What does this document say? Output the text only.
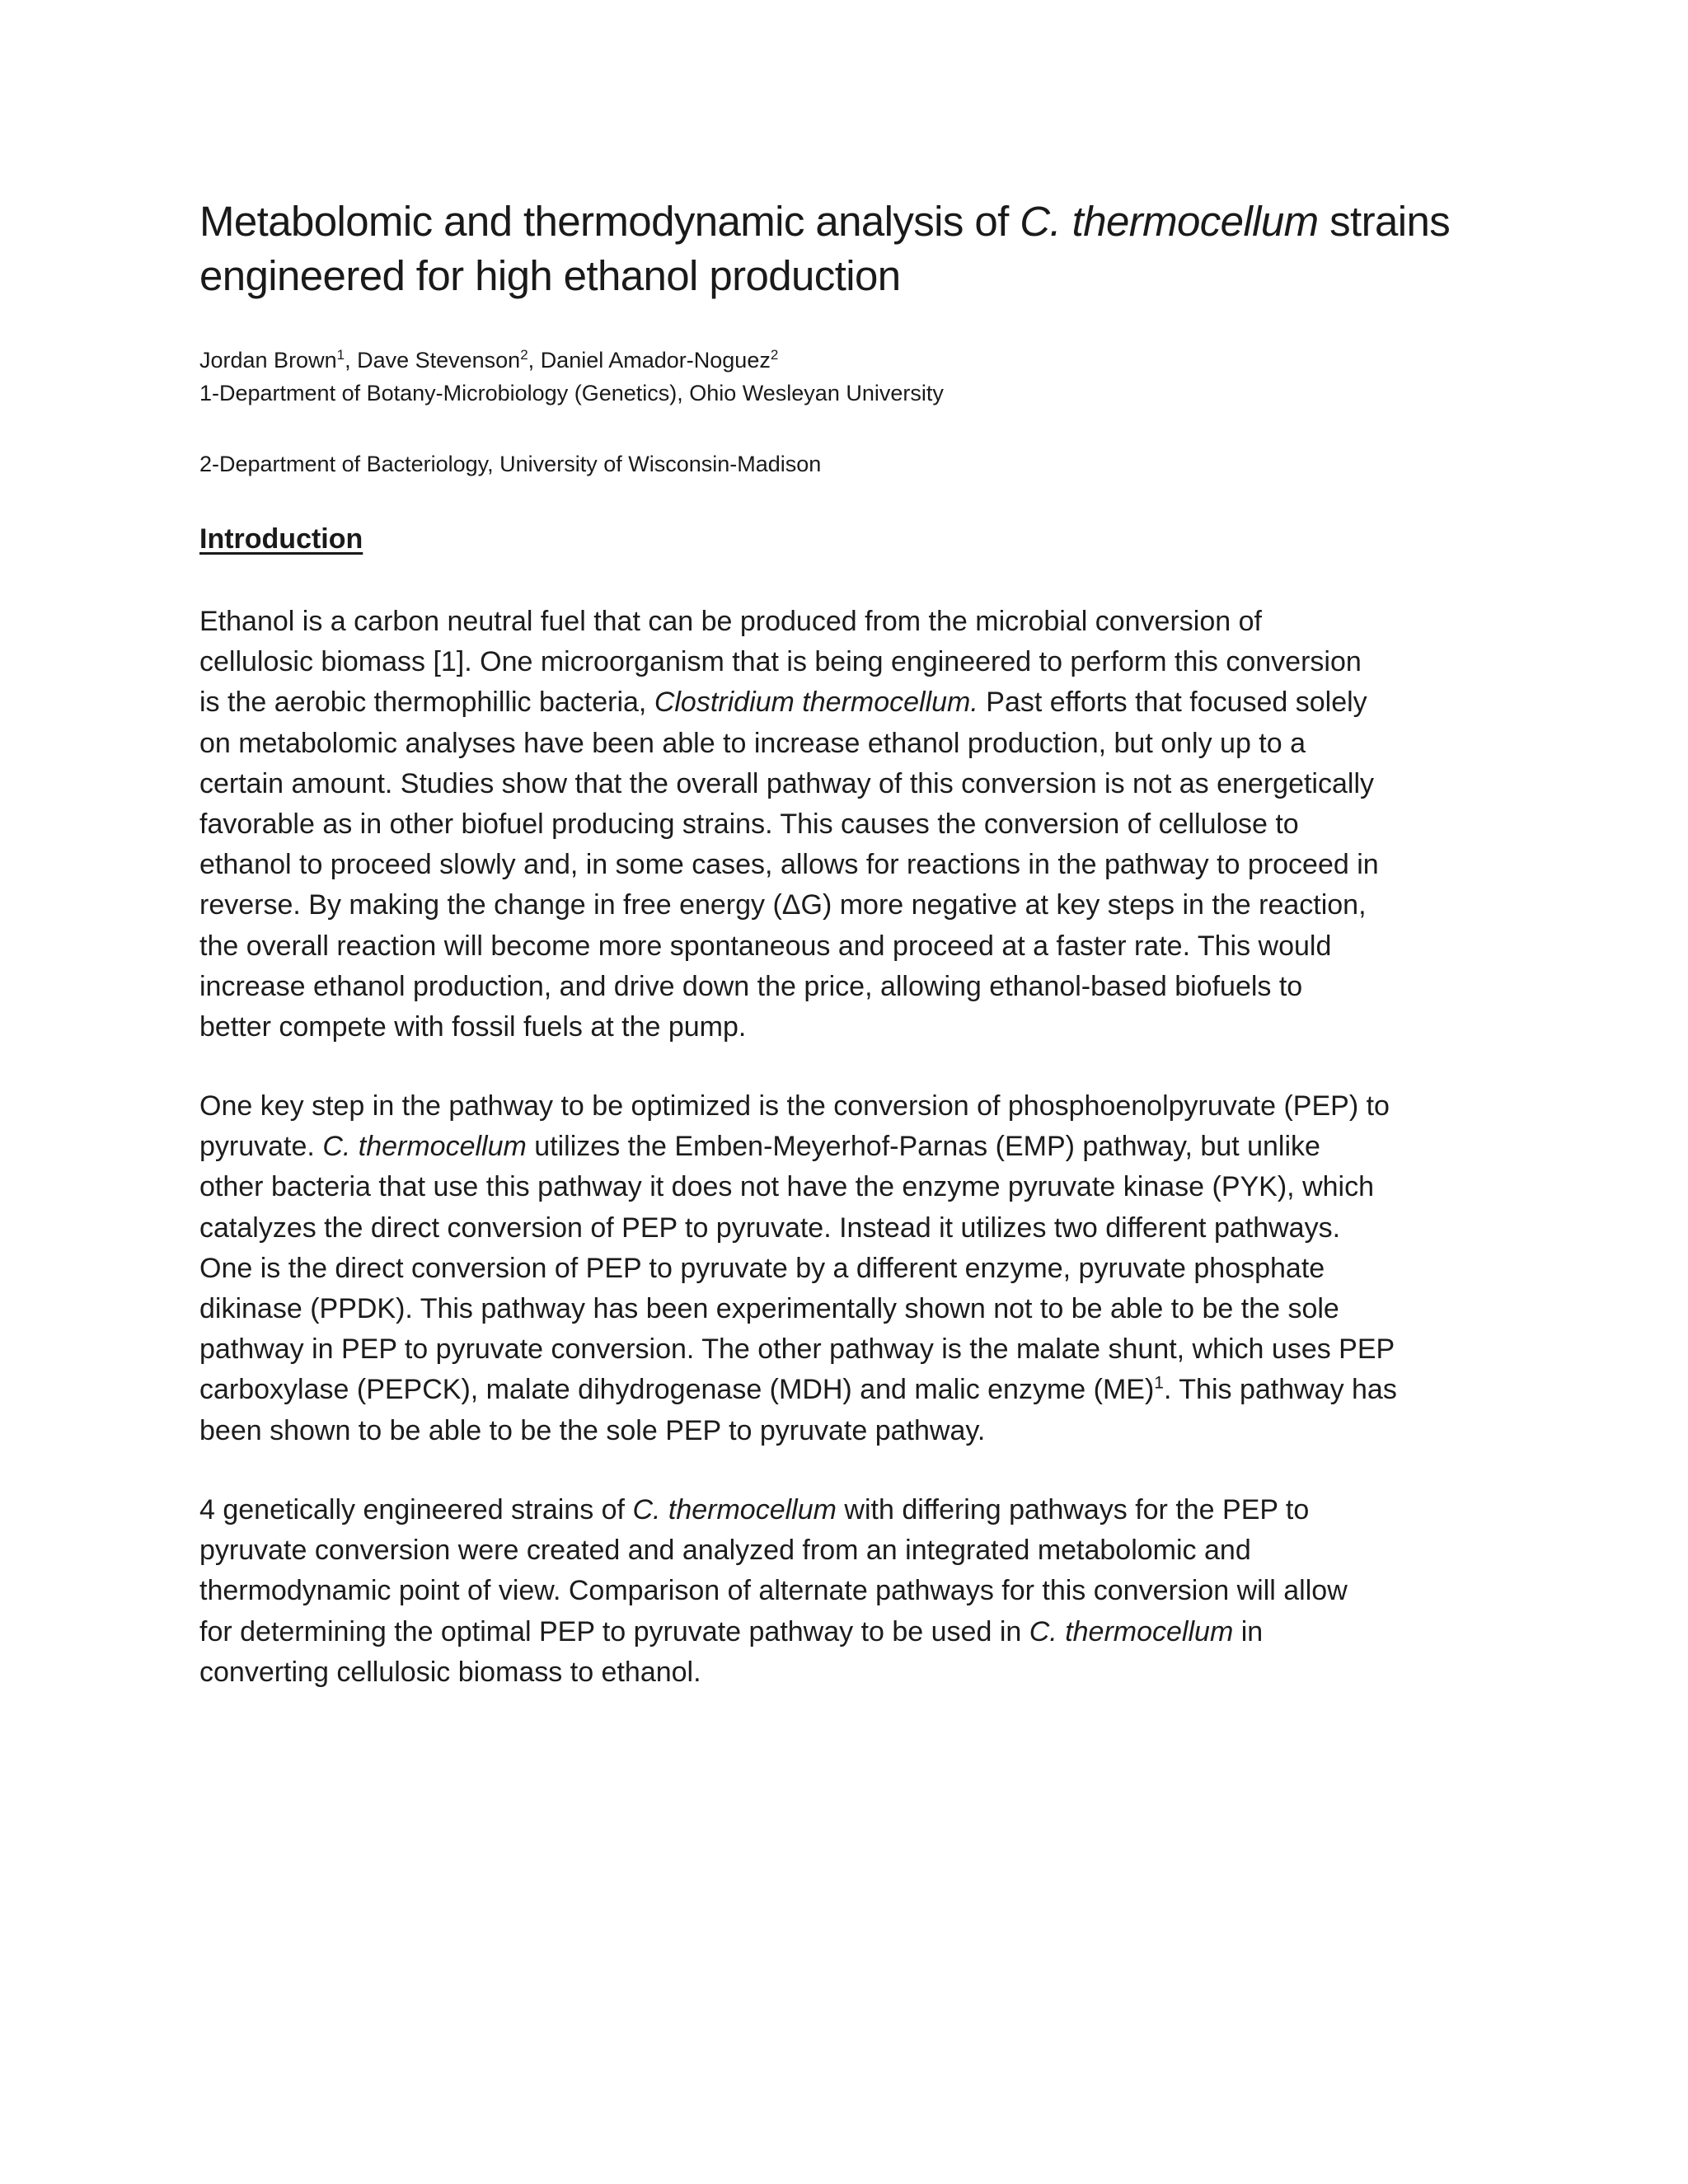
Metabolomic and thermodynamic analysis of C. thermocellum strains
engineered for high ethanol production
Jordan Brown$^1$, Dave Stevenson$^2$, Daniel Amador-Noguez$^2$
1-Department of Botany-Microbiology (Genetics), Ohio Wesleyan University
2-Department of Bacteriology, University of Wisconsin-Madison
Introduction

Ethanol is a carbon neutral fuel that can be produced from the microbial conversion of
cellulosic biomass [1]. One microorganism that is being engineered to perform this conversion
is the aerobic thermophillic bacteria, Clostridium thermocellum. Past efforts that focused solely
on metabolomic analyses have been able to increase ethanol production, but only up to a
certain amount. Studies show that the overall pathway of this conversion is not as energetically
favorable as in other biofuel producing strains. This causes the conversion of cellulose to
ethanol to proceed slowly and, in some cases, allows for reactions in the pathway to proceed in
reverse. By making the change in free energy (ΔG) more negative at key steps in the reaction,
the overall reaction will become more spontaneous and proceed at a faster rate. This would
increase ethanol production, and drive down the price, allowing ethanol-based biofuels to
better compete with fossil fuels at the pump.

One key step in the pathway to be optimized is the conversion of phosphoenolpyruvate (PEP) to
pyruvate. C. thermocellum utilizes the Emben-Meyerhof-Parnas (EMP) pathway, but unlike
other bacteria that use this pathway it does not have the enzyme pyruvate kinase (PYK), which
catalyzes the direct conversion of PEP to pyruvate. Instead it utilizes two different pathways.
One is the direct conversion of PEP to pyruvate by a different enzyme, pyruvate phosphate
dikinase (PPDK). This pathway has been experimentally shown not to be able to be the sole
pathway in PEP to pyruvate conversion. The other pathway is the malate shunt, which uses PEP
carboxylase (PEPCK), malate dihydrogenase (MDH) and malic enzyme (ME)$^1$. This pathway has
been shown to be able to be the sole PEP to pyruvate pathway.

4 genetically engineered strains of C. thermocellum with differing pathways for the PEP to
pyruvate conversion were created and analyzed from an integrated metabolomic and
thermodynamic point of view. Comparison of alternate pathways for this conversion will allow
for determining the optimal PEP to pyruvate pathway to be used in C. thermocellum in
converting cellulosic biomass to ethanol.
